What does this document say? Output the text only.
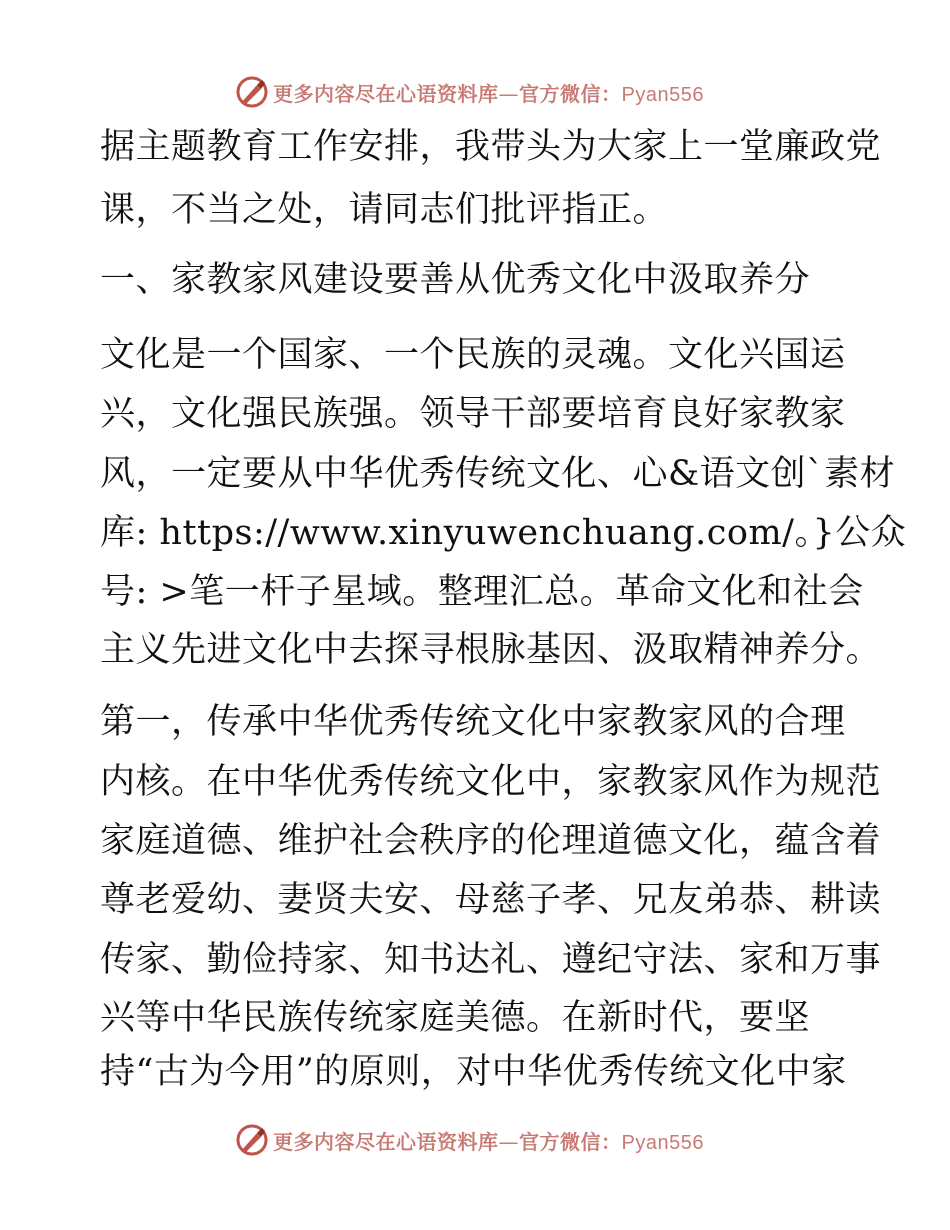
更多内容尽在心语资料库—官方微信：Pyan556
据主题教育工作安排，我带头为大家上一堂廉政党
课，不当之处，请同志们批评指正。
一、家教家风建设要善从优秀文化中汲取养分
文化是一个国家、一个民族的灵魂。文化兴国运
兴，文化强民族强。领导干部要培育良好家教家
风，一定要从中华优秀传统文化、心&语文创`素材
库: https://www.xinyuwenchuang.com/。}公众
号: >笔一杆子星域。整理汇总。革命文化和社会
主义先进文化中去探寻根脉基因、汲取精神养分。
第一，传承中华优秀传统文化中家教家风的合理
内核。在中华优秀传统文化中，家教家风作为规范
家庭道德、维护社会秩序的伦理道德文化，蕴含着
尊老爱幼、妻贤夫安、母慈子孝、兄友弟恭、耕读
传家、勤俭持家、知书达礼、遵纪守法、家和万事
兴等中华民族传统家庭美德。在新时代，要坚
持“古为今用”的原则，对中华优秀传统文化中家
更多内容尽在心语资料库—官方微信：Pyan556
